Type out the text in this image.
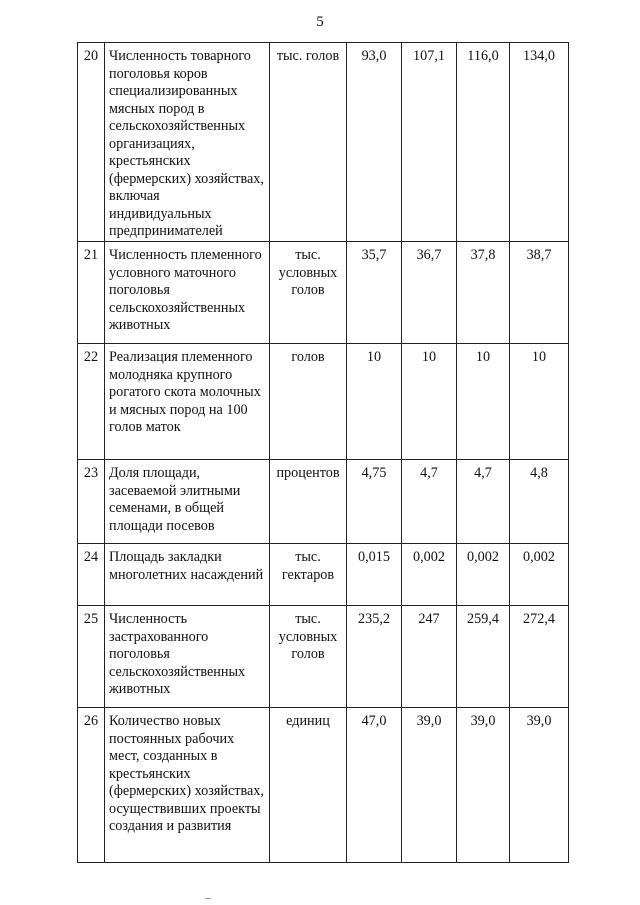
5
20	Численность товарного поголовья коров специализированных мясных пород в сельскохозяйственных организациях, крестьянских (фермерских) хозяйствах, включая индивидуальных предпринимателей	тыс. голов	93,0	107,1	116,0	134,0
21	Численность племенного условного маточного поголовья сельскохозяйственных животных	тыс. условных голов	35,7	36,7	37,8	38,7
22	Реализация племенного молодняка крупного рогатого скота молочных и мясных пород на 100 голов маток	голов	10	10	10	10
23	Доля площади, засеваемой элитными семенами, в общей площади посевов	процентов	4,75	4,7	4,7	4,8
24	Площадь закладки многолетних насаждений	тыс. гектаров	0,015	0,002	0,002	0,002
25	Численность застрахованного поголовья сельскохозяйственных животных	тыс. условных голов	235,2	247	259,4	272,4
26	Количество новых постоянных рабочих мест, созданных в крестьянских (фермерских) хозяйствах, осуществивших проекты создания и развития	единиц	47,0	39,0	39,0	39,0
